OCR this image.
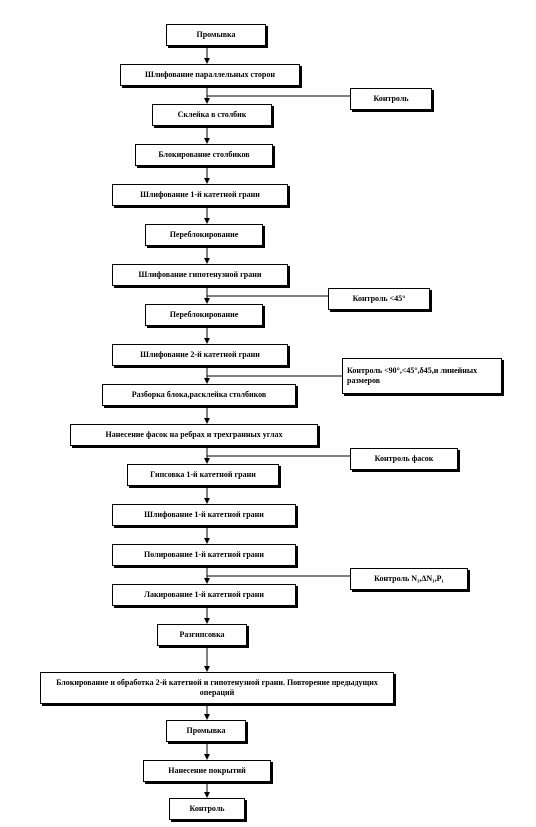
Промывка
Шлифование параллельных сторон
Склейка в столбик
Блокирование столбиков
Шлифование 1-й катетной грани
Переблокирование
Шлифование гипотенузной грани
Переблокирование
Шлифование 2-й катетной грани
Разборка блока,расклейка столбиков
Нанесение фасок на ребрах и трехгранных углах
Гипсовка 1-й катетной грани
Шлифование 1-й катетной грани
Полирование 1-й катетной грани
Лакирование 1-й катетной грани
Разгипсовка
Блокирование и обработка 2-й катетной и гипотенузной грани. Повторение предыдущих операций
Промывка
Нанесение покрытий
Контроль
Контроль
Контроль <45°
Контроль <90°,<45°,δ45,и линейных размеров
Контроль фасок
Контроль N₁,ΔN₁,P₁
